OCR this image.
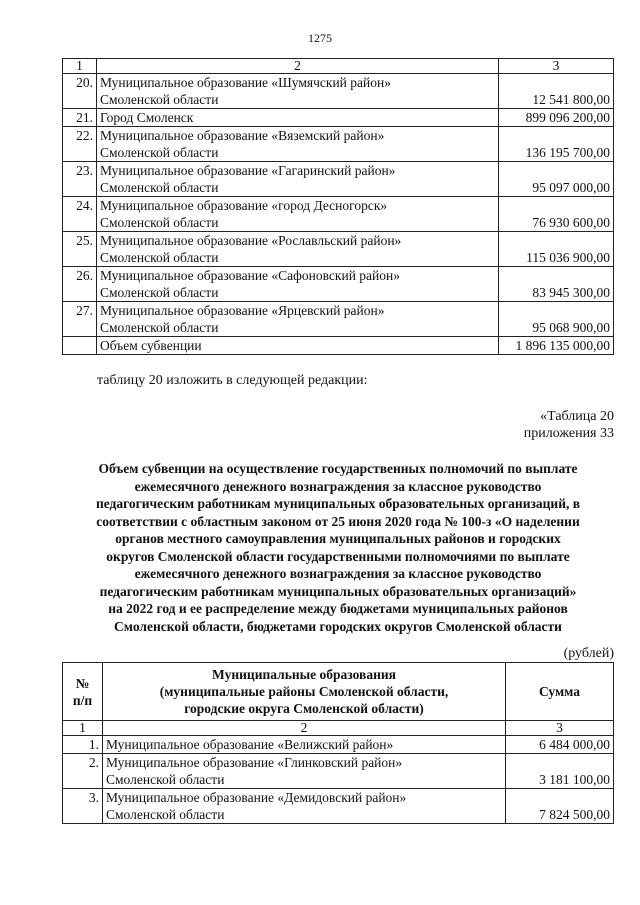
1275
1	2	3
20.	Муниципальное образование «Шумячский район»
Смоленской области	12 541 800,00
21.	Город Смоленск	899 096 200,00
22.	Муниципальное образование «Вяземский район»
Смоленской области	136 195 700,00
23.	Муниципальное образование «Гагаринский район»
Смоленской области	95 097 000,00
24.	Муниципальное образование «город Десногорск»
Смоленской области	76 930 600,00
25.	Муниципальное образование «Рославльский район»
Смоленской области	115 036 900,00
26.	Муниципальное образование «Сафоновский район»
Смоленской области	83 945 300,00
27.	Муниципальное образование «Ярцевский район»
Смоленской области	95 068 900,00
	Объем субвенции	1 896 135 000,00
таблицу 20 изложить в следующей редакции:
«Таблица 20
приложения 33
Объем субвенции на осуществление государственных полномочий по выплате
ежемесячного денежного вознаграждения за классное руководство
педагогическим работникам муниципальных образовательных организаций, в
соответствии с областным законом от 25 июня 2020 года № 100-з «О наделении
органов местного самоуправления муниципальных районов и городских
округов Смоленской области государственными полномочиями по выплате
ежемесячного денежного вознаграждения за классное руководство
педагогическим работникам муниципальных образовательных организаций»
на 2022 год и ее распределение между бюджетами муниципальных районов
Смоленской области, бюджетами городских округов Смоленской области
(рублей)
№
п/п	Муниципальные образования
(муниципальные районы Смоленской области,
городские округа Смоленской области)	Сумма
1	2	3
1.	Муниципальное образование «Велижский район»	6 484 000,00
2.	Муниципальное образование «Глинковский район»
Смоленской области	3 181 100,00
3.	Муниципальное образование «Демидовский район»
Смоленской области	7 824 500,00
